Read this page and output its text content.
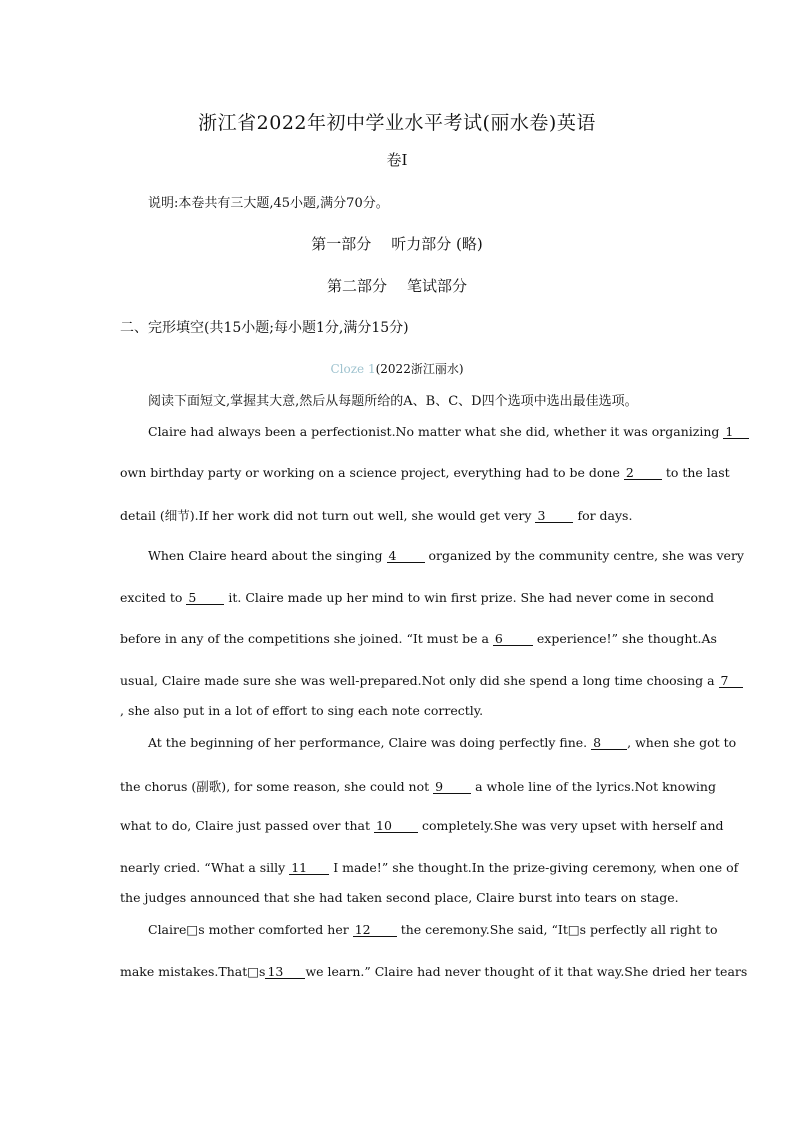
浙江省2022年初中学业水平考试(丽水卷)英语
卷Ⅰ
说明:本卷共有三大题,45小题,满分70分。
第一部分 听力部分 (略)
第二部分 笔试部分
二、完形填空(共15小题;每小题1分,满分15分)
Cloze 1(2022浙江丽水)
阅读下面短文,掌握其大意,然后从每题所给的A、B、C、D四个选项中选出最佳选项。
Claire had always been a perfectionist.No matter what she did, whether it was organizing 1
own birthday party or working on a science project, everything had to be done 2	to the last
detail (细节).If her work did not turn out well, she would get very 3	for days.
When Claire heard about the singing 4	organized by the community centre, she was very
excited to 5	it. Claire made up her mind to win first prize. She had never come in second
before in any of the competitions she joined. “It must be a 6	experience!” she thought.As
usual, Claire made sure she was well-prepared.Not only did she spend a long time choosing a 7
, she also put in a lot of effort to sing each note correctly.
At the beginning of her performance, Claire was doing perfectly fine. 8 , when she got to
the chorus (副歌), for some reason, she could not 9	a whole line of the lyrics.Not knowing
what to do, Claire just passed over that 10 completely.She was very upset with herself and
nearly cried. “What a silly 11 I made!” she thought.In the prize-giving ceremony, when one of
the judges announced that she had taken second place, Claire burst into tears on stage.
Claire□s mother comforted her 12 the ceremony.She said, “It□s perfectly all right to
make mistakes.That□s 13 we learn.” Claire had never thought of it that way.She dried her tears
